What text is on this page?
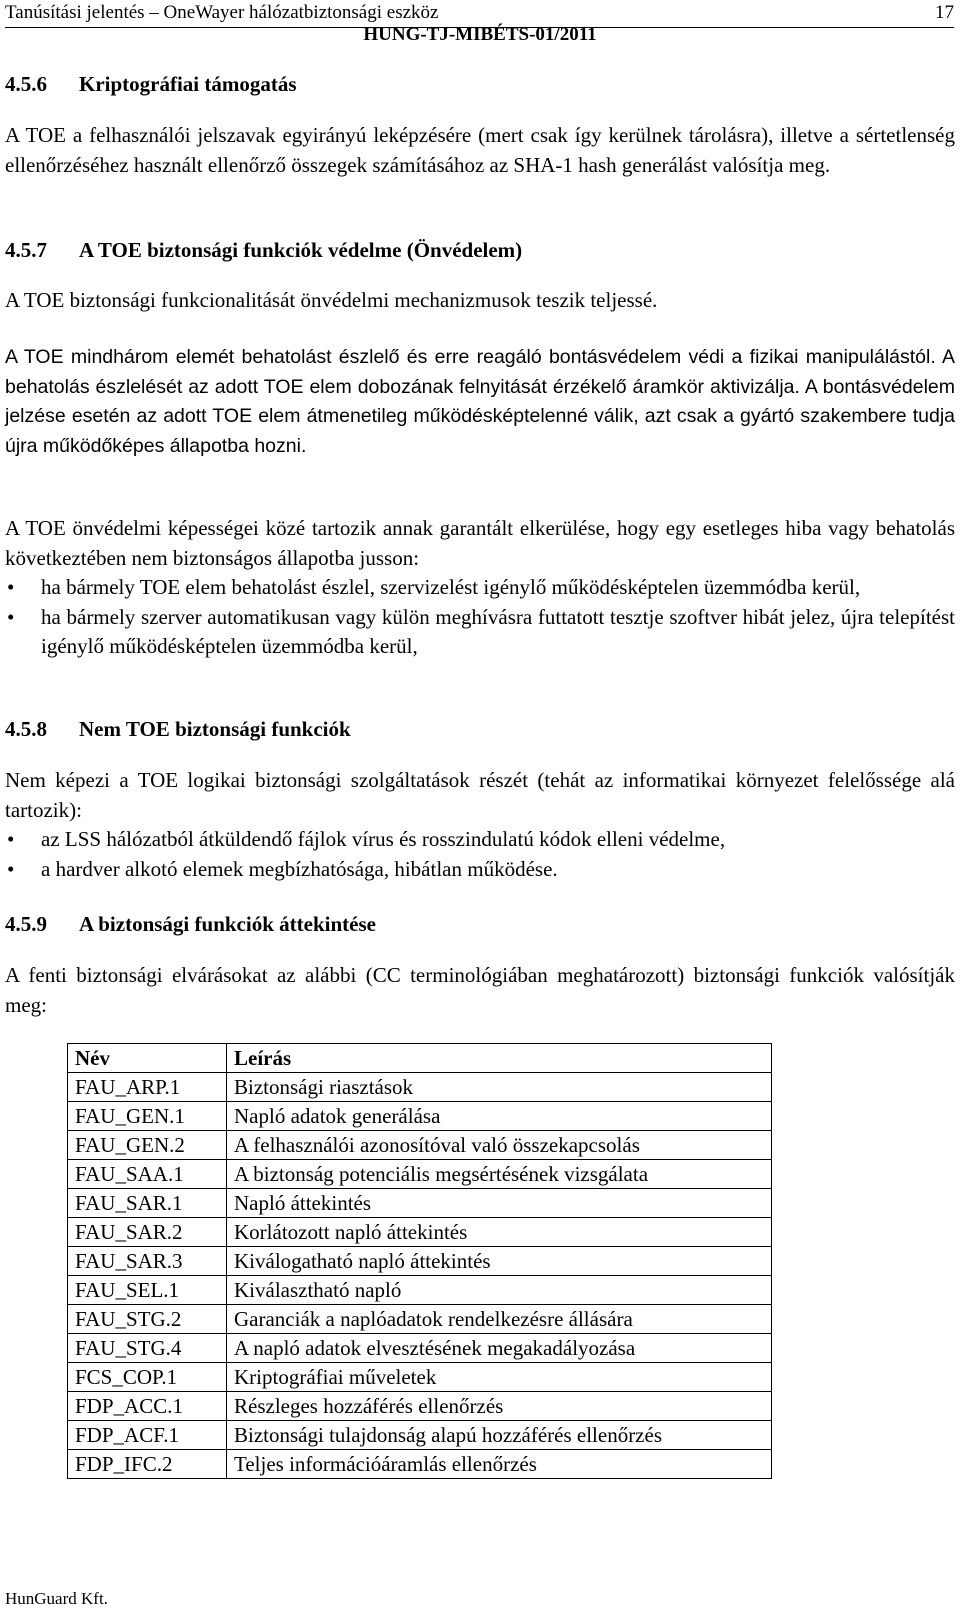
Tanúsítási jelentés – OneWayer hálózatbiztonsági eszköz	17
HUNG-TJ-MIBÉTS-01/2011
4.5.6 Kriptográfiai támogatás
A TOE a felhasználói jelszavak egyirányú leképzésére (mert csak így kerülnek tárolásra), illetve a sértetlenség ellenőrzéséhez használt ellenőrző összegek számításához az SHA-1 hash generálást valósítja meg.
4.5.7 A TOE biztonsági funkciók védelme (Önvédelem)
A TOE biztonsági funkcionalitását önvédelmi mechanizmusok teszik teljessé.
A TOE mindhárom elemét behatolást észlelő és erre reagáló bontásvédelem védi a fizikai manipulálástól. A behatolás észlelését az adott TOE elem dobozának felnyitását érzékelő áramkör aktivizálja. A bontásvédelem jelzése esetén az adott TOE elem átmenetileg működésképtelenné válik, azt csak a gyártó szakembere tudja újra működőképes állapotba hozni.
A TOE önvédelmi képességei közé tartozik annak garantált elkerülése, hogy egy esetleges hiba vagy behatolás következtében nem biztonságos állapotba jusson:
• ha bármely TOE elem behatolást észlel, szervizelést igénylő működésképtelen üzemmódba kerül,
• ha bármely szerver automatikusan vagy külön meghívásra futtatott tesztje szoftver hibát jelez, újra telepítést igénylő működésképtelen üzemmódba kerül,
4.5.8 Nem TOE biztonsági funkciók
Nem képezi a TOE logikai biztonsági szolgáltatások részét (tehát az informatikai környezet felelőssége alá tartozik):
• az LSS hálózatból átküldendő fájlok vírus és rosszindulatú kódok elleni védelme,
• a hardver alkotó elemek megbízhatósága, hibátlan működése.
4.5.9 A biztonsági funkciók áttekintése
A fenti biztonsági elvárásokat az alábbi (CC terminológiában meghatározott) biztonsági funkciók valósítják meg:
Név	Leírás
FAU_ARP.1	Biztonsági riasztások
FAU_GEN.1	Napló adatok generálása
FAU_GEN.2	A felhasználói azonosítóval való összekapcsolás
FAU_SAA.1	A biztonság potenciális megsértésének vizsgálata
FAU_SAR.1	Napló áttekintés
FAU_SAR.2	Korlátozott napló áttekintés
FAU_SAR.3	Kiválogatható napló áttekintés
FAU_SEL.1	Kiválasztható napló
FAU_STG.2	Garanciák a naplóadatok rendelkezésre állására
FAU_STG.4	A napló adatok elvesztésének megakadályozása
FCS_COP.1	Kriptográfiai műveletek
FDP_ACC.1	Részleges hozzáférés ellenőrzés
FDP_ACF.1	Biztonsági tulajdonság alapú hozzáférés ellenőrzés
FDP_IFC.2	Teljes információáramlás ellenőrzés
HunGuard Kft.
